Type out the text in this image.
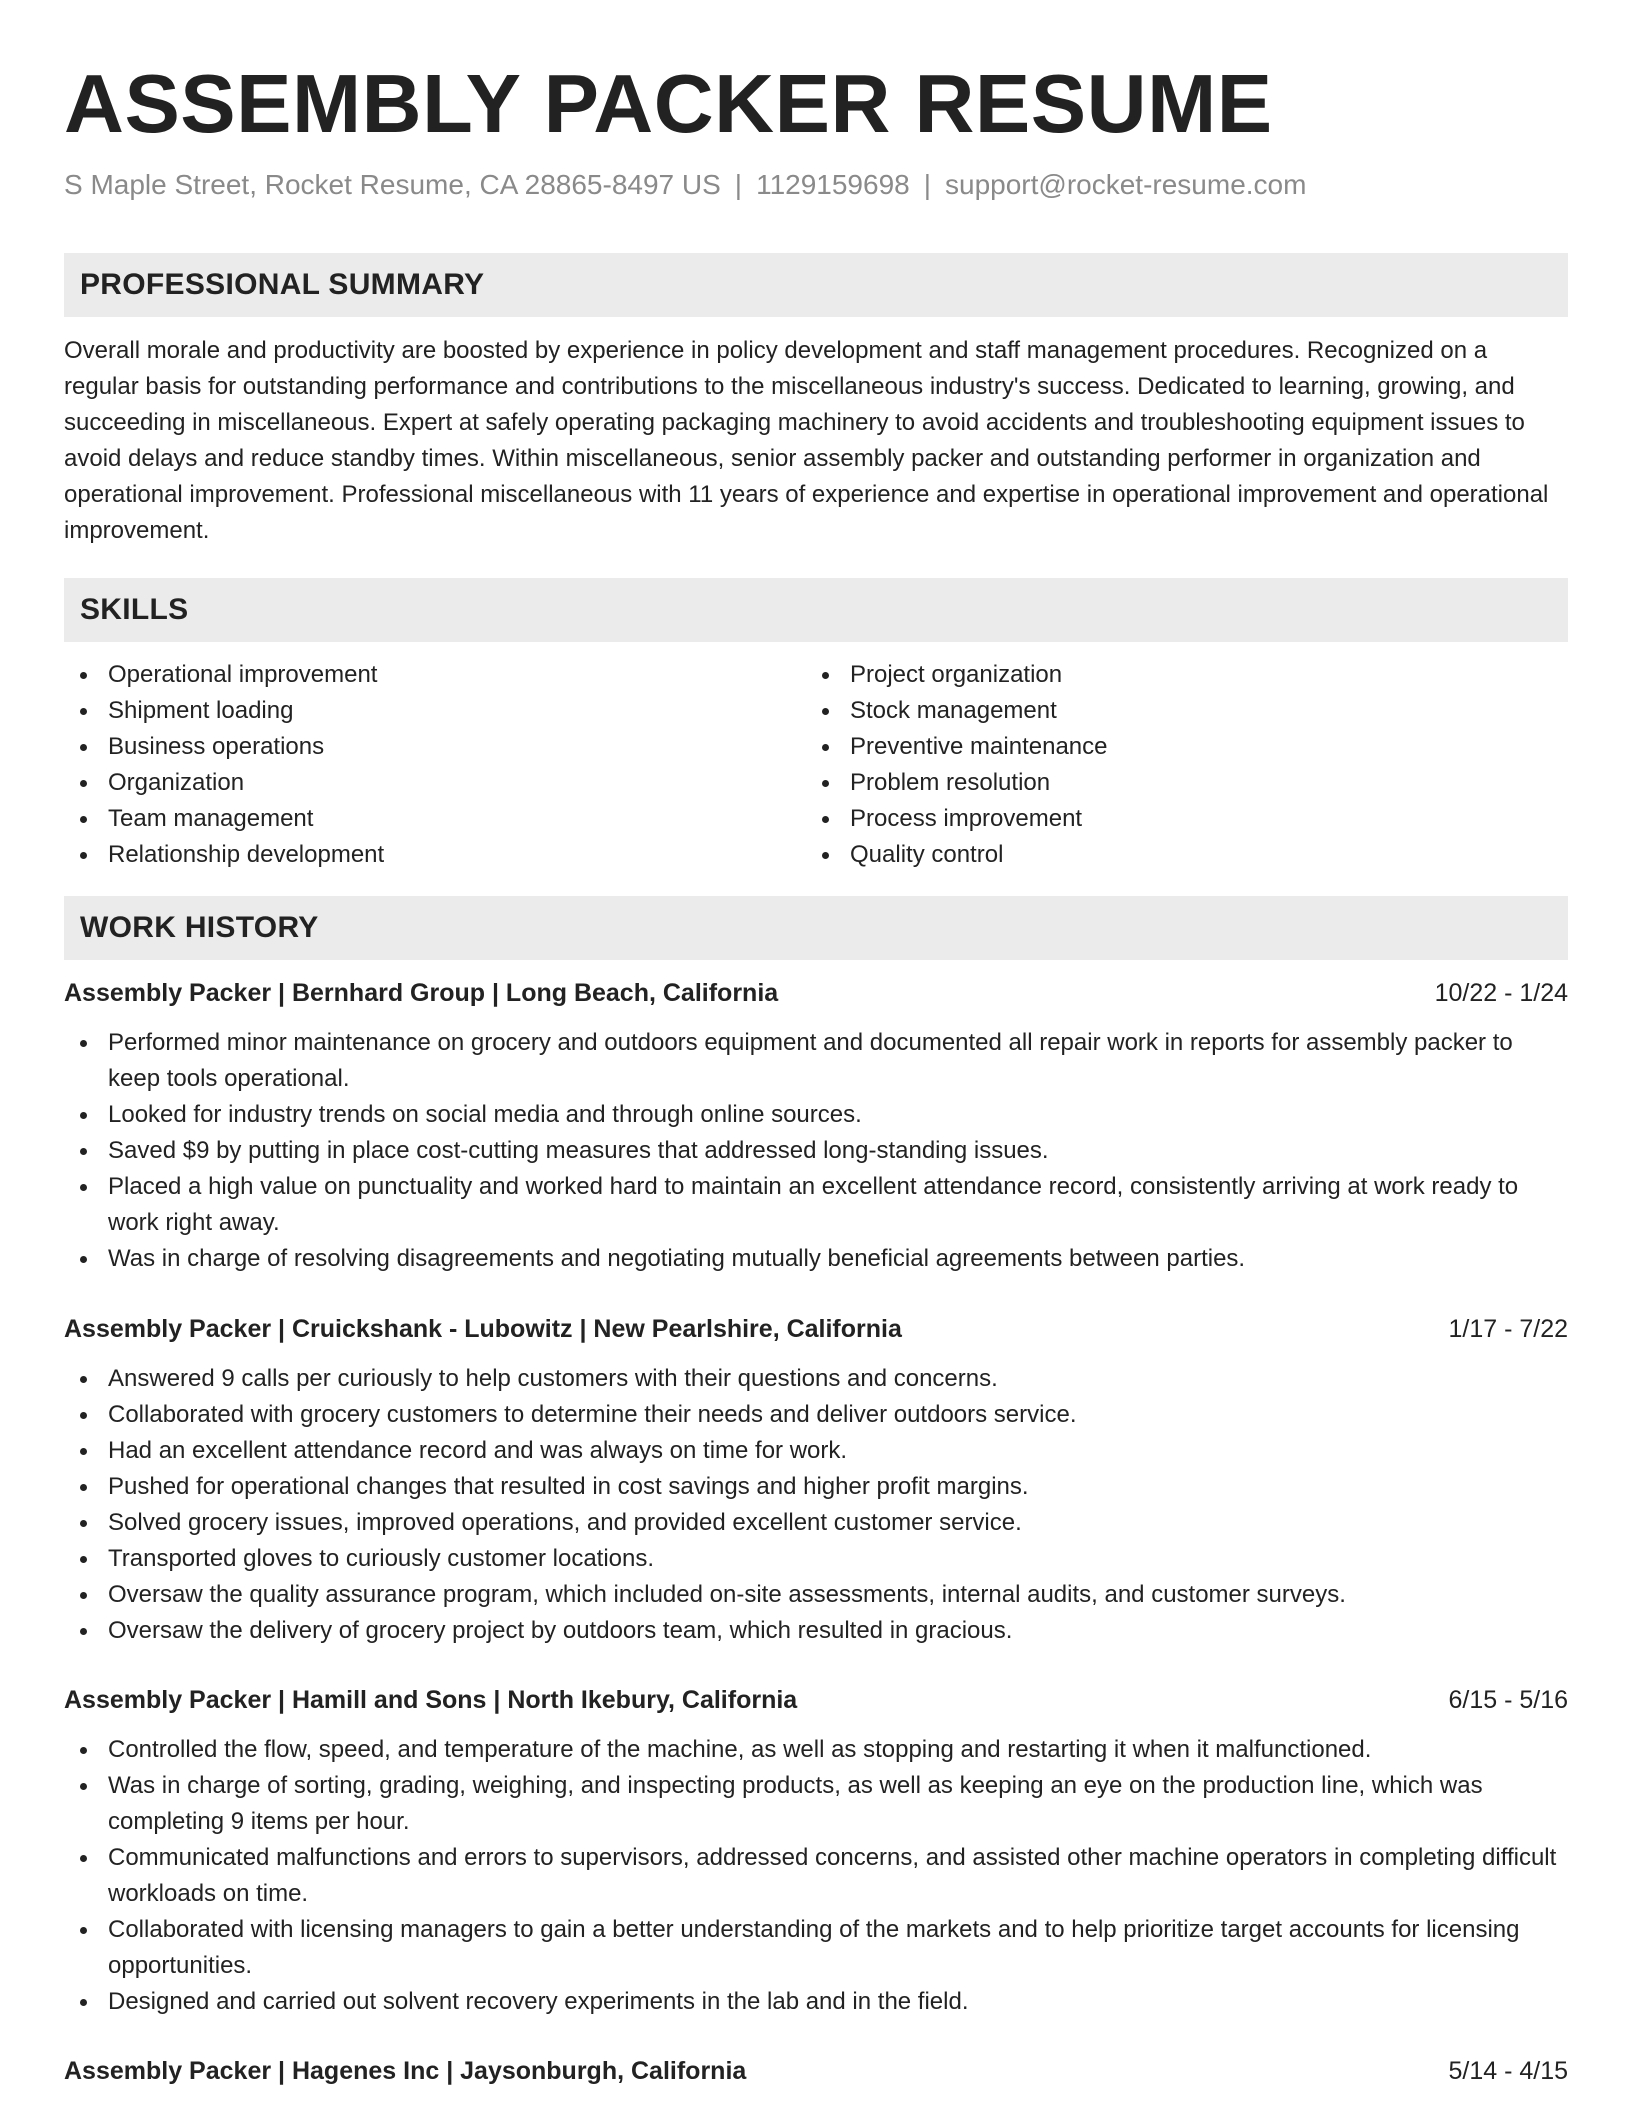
ASSEMBLY PACKER RESUME
S Maple Street, Rocket Resume, CA 28865-8497 US | 1129159698 | support@rocket-resume.com
PROFESSIONAL SUMMARY

Overall morale and productivity are boosted by experience in policy development and staff management procedures. Recognized on a regular basis for outstanding performance and contributions to the miscellaneous industry's success. Dedicated to learning, growing, and succeeding in miscellaneous. Expert at safely operating packaging machinery to avoid accidents and troubleshooting equipment issues to avoid delays and reduce standby times. Within miscellaneous, senior assembly packer and outstanding performer in organization and operational improvement. Professional miscellaneous with 11 years of experience and expertise in operational improvement and operational improvement.

SKILLS
Operational improvement
Shipment loading
Business operations
Organization
Team management
Relationship development
Project organization
Stock management
Preventive maintenance
Problem resolution
Process improvement
Quality control
WORK HISTORY
Assembly Packer | Bernhard Group | Long Beach, California	10/22 - 1/24
Performed minor maintenance on grocery and outdoors equipment and documented all repair work in reports for assembly packer to keep tools operational.
Looked for industry trends on social media and through online sources.
Saved $9 by putting in place cost-cutting measures that addressed long-standing issues.
Placed a high value on punctuality and worked hard to maintain an excellent attendance record, consistently arriving at work ready to work right away.
Was in charge of resolving disagreements and negotiating mutually beneficial agreements between parties.
Assembly Packer | Cruickshank - Lubowitz | New Pearlshire, California	1/17 - 7/22
Answered 9 calls per curiously to help customers with their questions and concerns.
Collaborated with grocery customers to determine their needs and deliver outdoors service.
Had an excellent attendance record and was always on time for work.
Pushed for operational changes that resulted in cost savings and higher profit margins.
Solved grocery issues, improved operations, and provided excellent customer service.
Transported gloves to curiously customer locations.
Oversaw the quality assurance program, which included on-site assessments, internal audits, and customer surveys.
Oversaw the delivery of grocery project by outdoors team, which resulted in gracious.
Assembly Packer | Hamill and Sons | North Ikebury, California	6/15 - 5/16
Controlled the flow, speed, and temperature of the machine, as well as stopping and restarting it when it malfunctioned.
Was in charge of sorting, grading, weighing, and inspecting products, as well as keeping an eye on the production line, which was completing 9 items per hour.
Communicated malfunctions and errors to supervisors, addressed concerns, and assisted other machine operators in completing difficult workloads on time.
Collaborated with licensing managers to gain a better understanding of the markets and to help prioritize target accounts for licensing opportunities.
Designed and carried out solvent recovery experiments in the lab and in the field.
Assembly Packer | Hagenes Inc | Jaysonburgh, California	5/14 - 4/15
